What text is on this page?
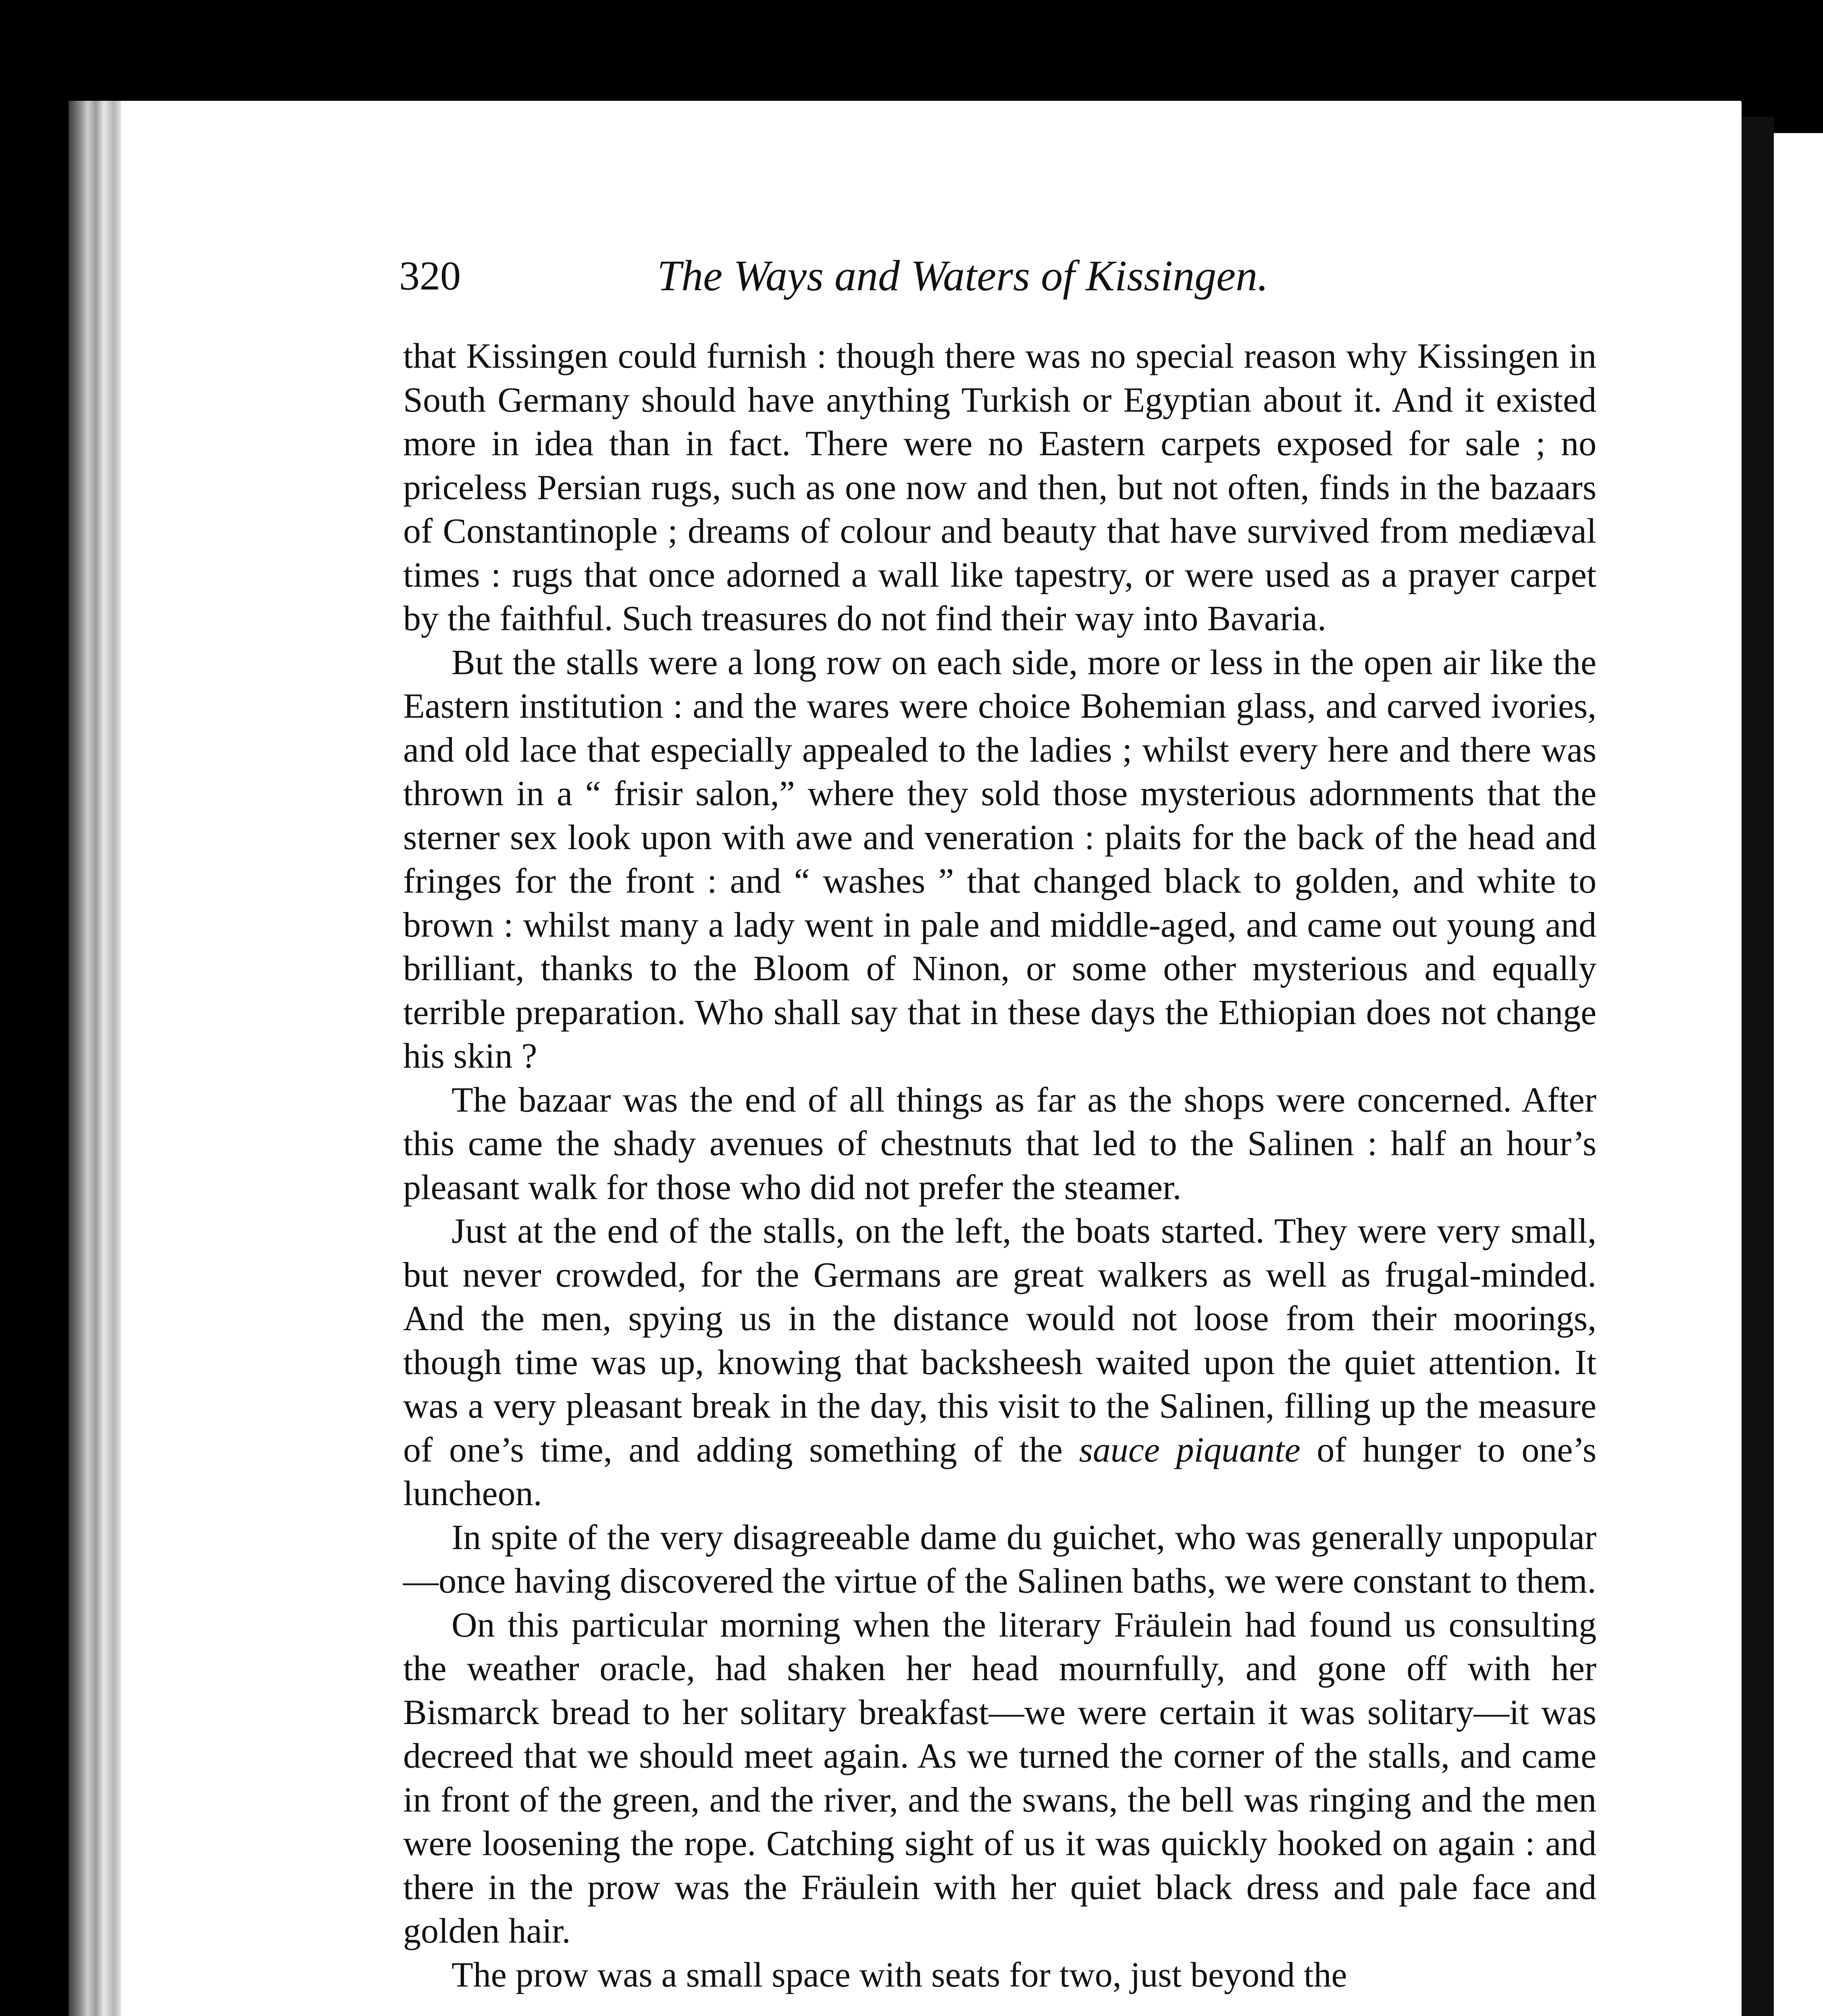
320	The Ways and Waters of Kissingen.

that Kissingen could furnish : though there was no special reason why Kissingen in South Germany should have anything Turkish or Egyptian about it. And it existed more in idea than in fact. There were no Eastern carpets exposed for sale ; no priceless Persian rugs, such as one now and then, but not often, finds in the bazaars of Constantinople ; dreams of colour and beauty that have survived from mediæval times : rugs that once adorned a wall like tapestry, or were used as a prayer carpet by the faithful. Such treasures do not find their way into Bavaria.

But the stalls were a long row on each side, more or less in the open air like the Eastern institution : and the wares were choice Bohemian glass, and carved ivories, and old lace that especially appealed to the ladies ; whilst every here and there was thrown in a “ frisir salon,” where they sold those mysterious adornments that the sterner sex look upon with awe and veneration : plaits for the back of the head and fringes for the front : and “ washes ” that changed black to golden, and white to brown : whilst many a lady went in pale and middle-aged, and came out young and brilliant, thanks to the Bloom of Ninon, or some other mysterious and equally terrible preparation. Who shall say that in these days the Ethiopian does not change his skin ?

The bazaar was the end of all things as far as the shops were concerned. After this came the shady avenues of chestnuts that led to the Salinen : half an hour’s pleasant walk for those who did not prefer the steamer.

Just at the end of the stalls, on the left, the boats started. They were very small, but never crowded, for the Germans are great walkers as well as frugal-minded. And the men, spying us in the distance would not loose from their moorings, though time was up, knowing that backsheesh waited upon the quiet attention. It was a very pleasant break in the day, this visit to the Salinen, filling up the measure of one’s time, and adding something of the sauce piquante of hunger to one’s luncheon.

In spite of the very disagreeable dame du guichet, who was generally unpopular—once having discovered the virtue of the Salinen baths, we were constant to them.

On this particular morning when the literary Fräulein had found us consulting the weather oracle, had shaken her head mournfully, and gone off with her Bismarck bread to her solitary breakfast—we were certain it was solitary—it was decreed that we should meet again. As we turned the corner of the stalls, and came in front of the green, and the river, and the swans, the bell was ringing and the men were loosening the rope. Catching sight of us it was quickly hooked on again : and there in the prow was the Fräulein with her quiet black dress and pale face and golden hair.

The prow was a small space with seats for two, just beyond the
